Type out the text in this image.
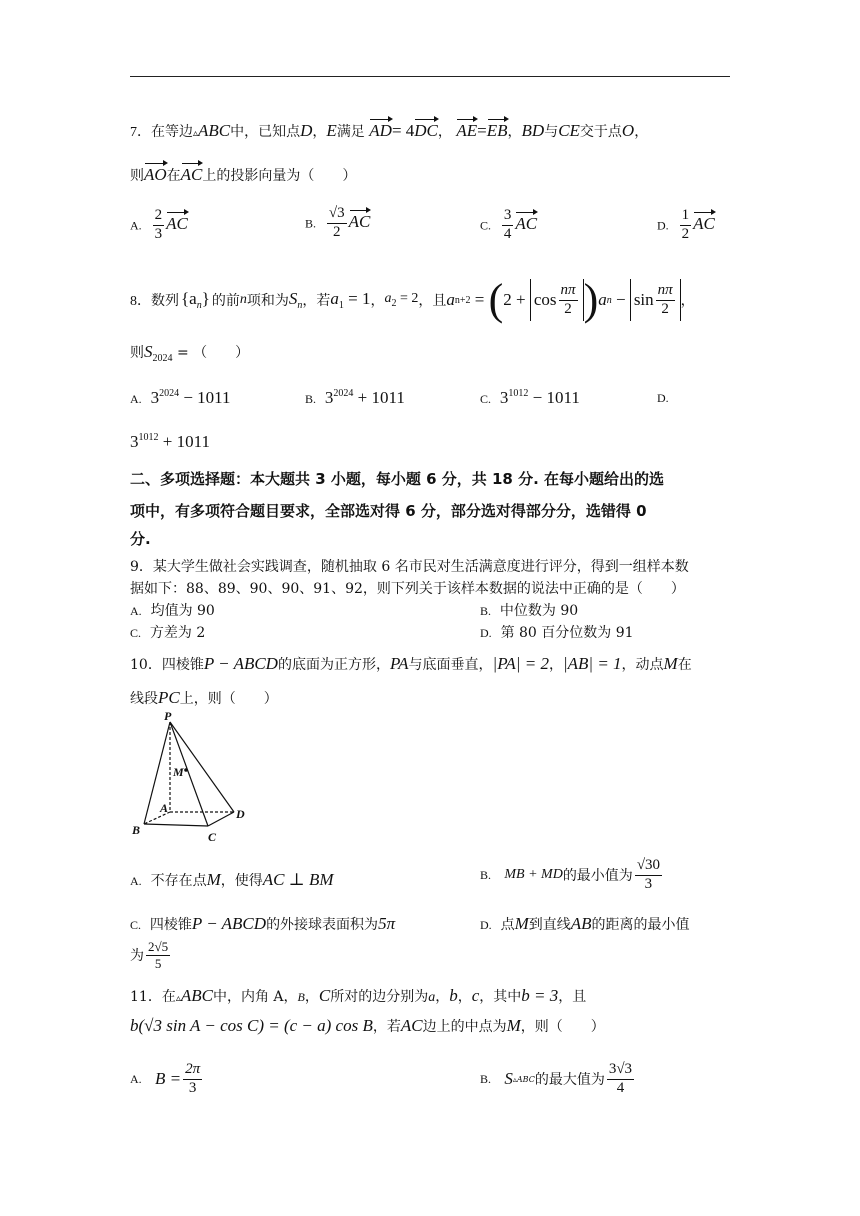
7．在等边▵ABC中，已知点D，E满足 AD= 4DC， AE=EB，BD与CE交于点O，
则AO在AC上的投影向量为（　　）
A. $\frac{2}{3}$ AC	B. $\frac{√3}{2}$ AC	C. $\frac{3}{4}$ AC	D. $\frac{1}{2}$ AC
8． 数列 $\{a_n\}$ 的前 n 项和为 $S_n$ ，若 $a_1 = 1$ ， $a_2 = 2$ ，且 a n+2
=
( 2 +
$\cos \frac{n\pi}{2}$ ) a n
−
$\sin \frac{n\pi}{2}$ ，
则$S_{2024}$ = （　　）
A. $3^{2024} - 1011$	B. $3^{2024} + 1011$	C. $3^{1012} - 1011$	D.
$3^{1012} + 1011$
二、多项选择题：本大题共 3 小题，每小题 6 分，共 18 分. 在每小题给出的选
项中，有多项符合题目要求，全部选对得 6 分，部分选对得部分分，选错得 0
分.
9．某大学生做社会实践调查，随机抽取 6 名市民对生活满意度进行评分，得到一组样本数
据如下：88、89、90、90、91、92，则下列关于该样本数据的说法中正确的是（　　）
A. 均值为 90	B. 中位数为 90
C. 方差为 2	D. 第 80 百分位数为 91
10．四棱锥P − ABCD的底面为正方形，PA与底面垂直，|PA| = 2，|AB| = 1，动点M在
线段PC上，则（　　）
P
M
A
B	C
D
A. 不存在点M，使得AC ⊥ BM	B.
MB + MD 的最小值为 $\frac{√30}{3}$
C. 四棱锥P − ABCD的外接球表面积为5π	D. 点M到直线AB的距离的最小值
为 $\frac{2√5}{5}$
11．在▵ABC中，内角 A，B，C所对的边分别为a，b，c，其中b = 3，且
b(√3 sin A − cos C) = (c − a) cos B，若AC边上的中点为M，则（　　）
A.
$B = \frac{2\pi}{3}$	B.
S ▵ABC 的最大值为 $\frac{3√3}{4}$
